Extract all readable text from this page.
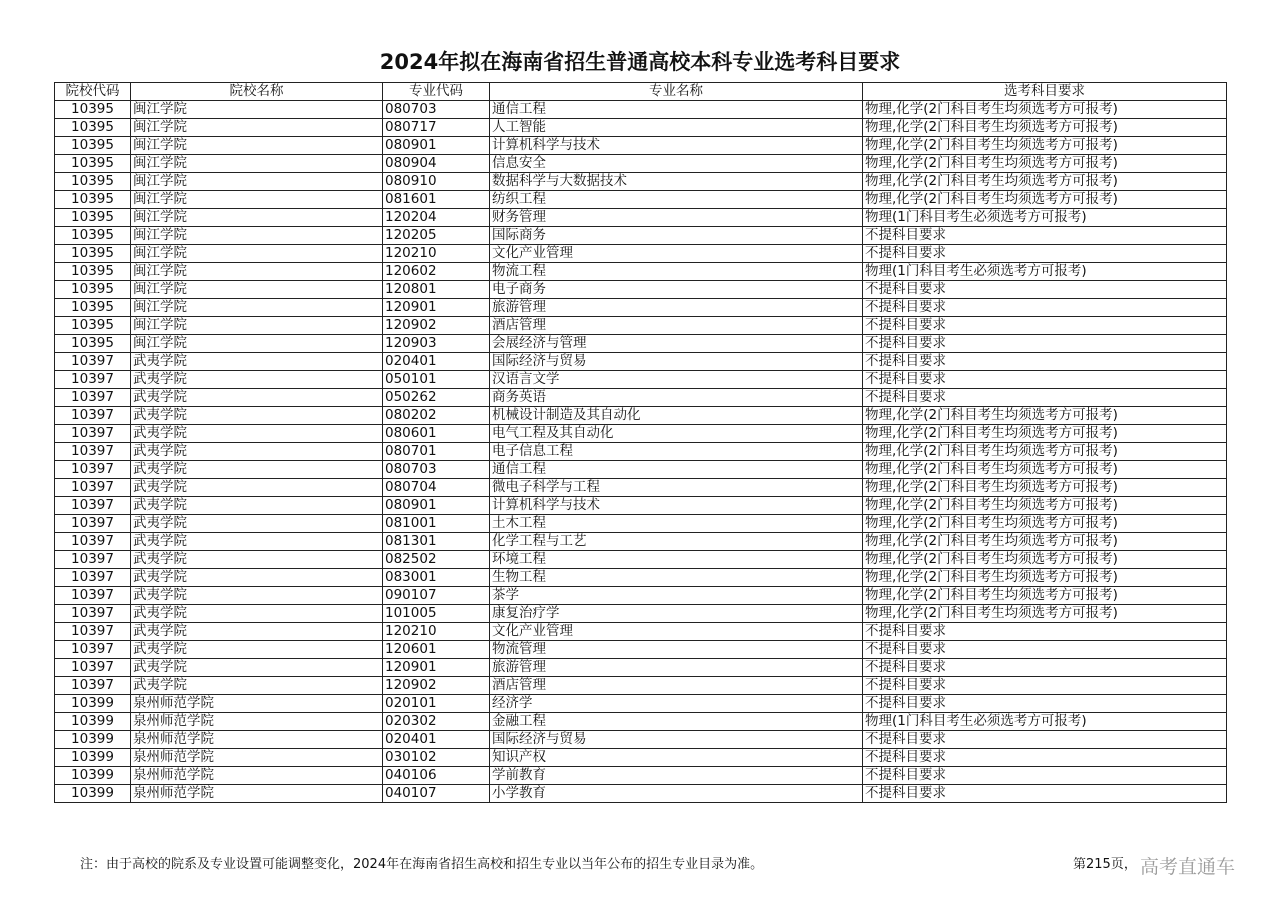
2024年拟在海南省招生普通高校本科专业选考科目要求
院校代码	院校名称	专业代码	专业名称	选考科目要求
10395	闽江学院	080703	通信工程	物理,化学(2门科目考生均须选考方可报考)
10395	闽江学院	080717	人工智能	物理,化学(2门科目考生均须选考方可报考)
10395	闽江学院	080901	计算机科学与技术	物理,化学(2门科目考生均须选考方可报考)
10395	闽江学院	080904	信息安全	物理,化学(2门科目考生均须选考方可报考)
10395	闽江学院	080910	数据科学与大数据技术	物理,化学(2门科目考生均须选考方可报考)
10395	闽江学院	081601	纺织工程	物理,化学(2门科目考生均须选考方可报考)
10395	闽江学院	120204	财务管理	物理(1门科目考生必须选考方可报考)
10395	闽江学院	120205	国际商务	不提科目要求
10395	闽江学院	120210	文化产业管理	不提科目要求
10395	闽江学院	120602	物流工程	物理(1门科目考生必须选考方可报考)
10395	闽江学院	120801	电子商务	不提科目要求
10395	闽江学院	120901	旅游管理	不提科目要求
10395	闽江学院	120902	酒店管理	不提科目要求
10395	闽江学院	120903	会展经济与管理	不提科目要求
10397	武夷学院	020401	国际经济与贸易	不提科目要求
10397	武夷学院	050101	汉语言文学	不提科目要求
10397	武夷学院	050262	商务英语	不提科目要求
10397	武夷学院	080202	机械设计制造及其自动化	物理,化学(2门科目考生均须选考方可报考)
10397	武夷学院	080601	电气工程及其自动化	物理,化学(2门科目考生均须选考方可报考)
10397	武夷学院	080701	电子信息工程	物理,化学(2门科目考生均须选考方可报考)
10397	武夷学院	080703	通信工程	物理,化学(2门科目考生均须选考方可报考)
10397	武夷学院	080704	微电子科学与工程	物理,化学(2门科目考生均须选考方可报考)
10397	武夷学院	080901	计算机科学与技术	物理,化学(2门科目考生均须选考方可报考)
10397	武夷学院	081001	土木工程	物理,化学(2门科目考生均须选考方可报考)
10397	武夷学院	081301	化学工程与工艺	物理,化学(2门科目考生均须选考方可报考)
10397	武夷学院	082502	环境工程	物理,化学(2门科目考生均须选考方可报考)
10397	武夷学院	083001	生物工程	物理,化学(2门科目考生均须选考方可报考)
10397	武夷学院	090107	茶学	物理,化学(2门科目考生均须选考方可报考)
10397	武夷学院	101005	康复治疗学	物理,化学(2门科目考生均须选考方可报考)
10397	武夷学院	120210	文化产业管理	不提科目要求
10397	武夷学院	120601	物流管理	不提科目要求
10397	武夷学院	120901	旅游管理	不提科目要求
10397	武夷学院	120902	酒店管理	不提科目要求
10399	泉州师范学院	020101	经济学	不提科目要求
10399	泉州师范学院	020302	金融工程	物理(1门科目考生必须选考方可报考)
10399	泉州师范学院	020401	国际经济与贸易	不提科目要求
10399	泉州师范学院	030102	知识产权	不提科目要求
10399	泉州师范学院	040106	学前教育	不提科目要求
10399	泉州师范学院	040107	小学教育	不提科目要求
注：由于高校的院系及专业设置可能调整变化，2024年在海南省招生高校和招生专业以当年公布的招生专业目录为准。	第215页， 高考直通车
